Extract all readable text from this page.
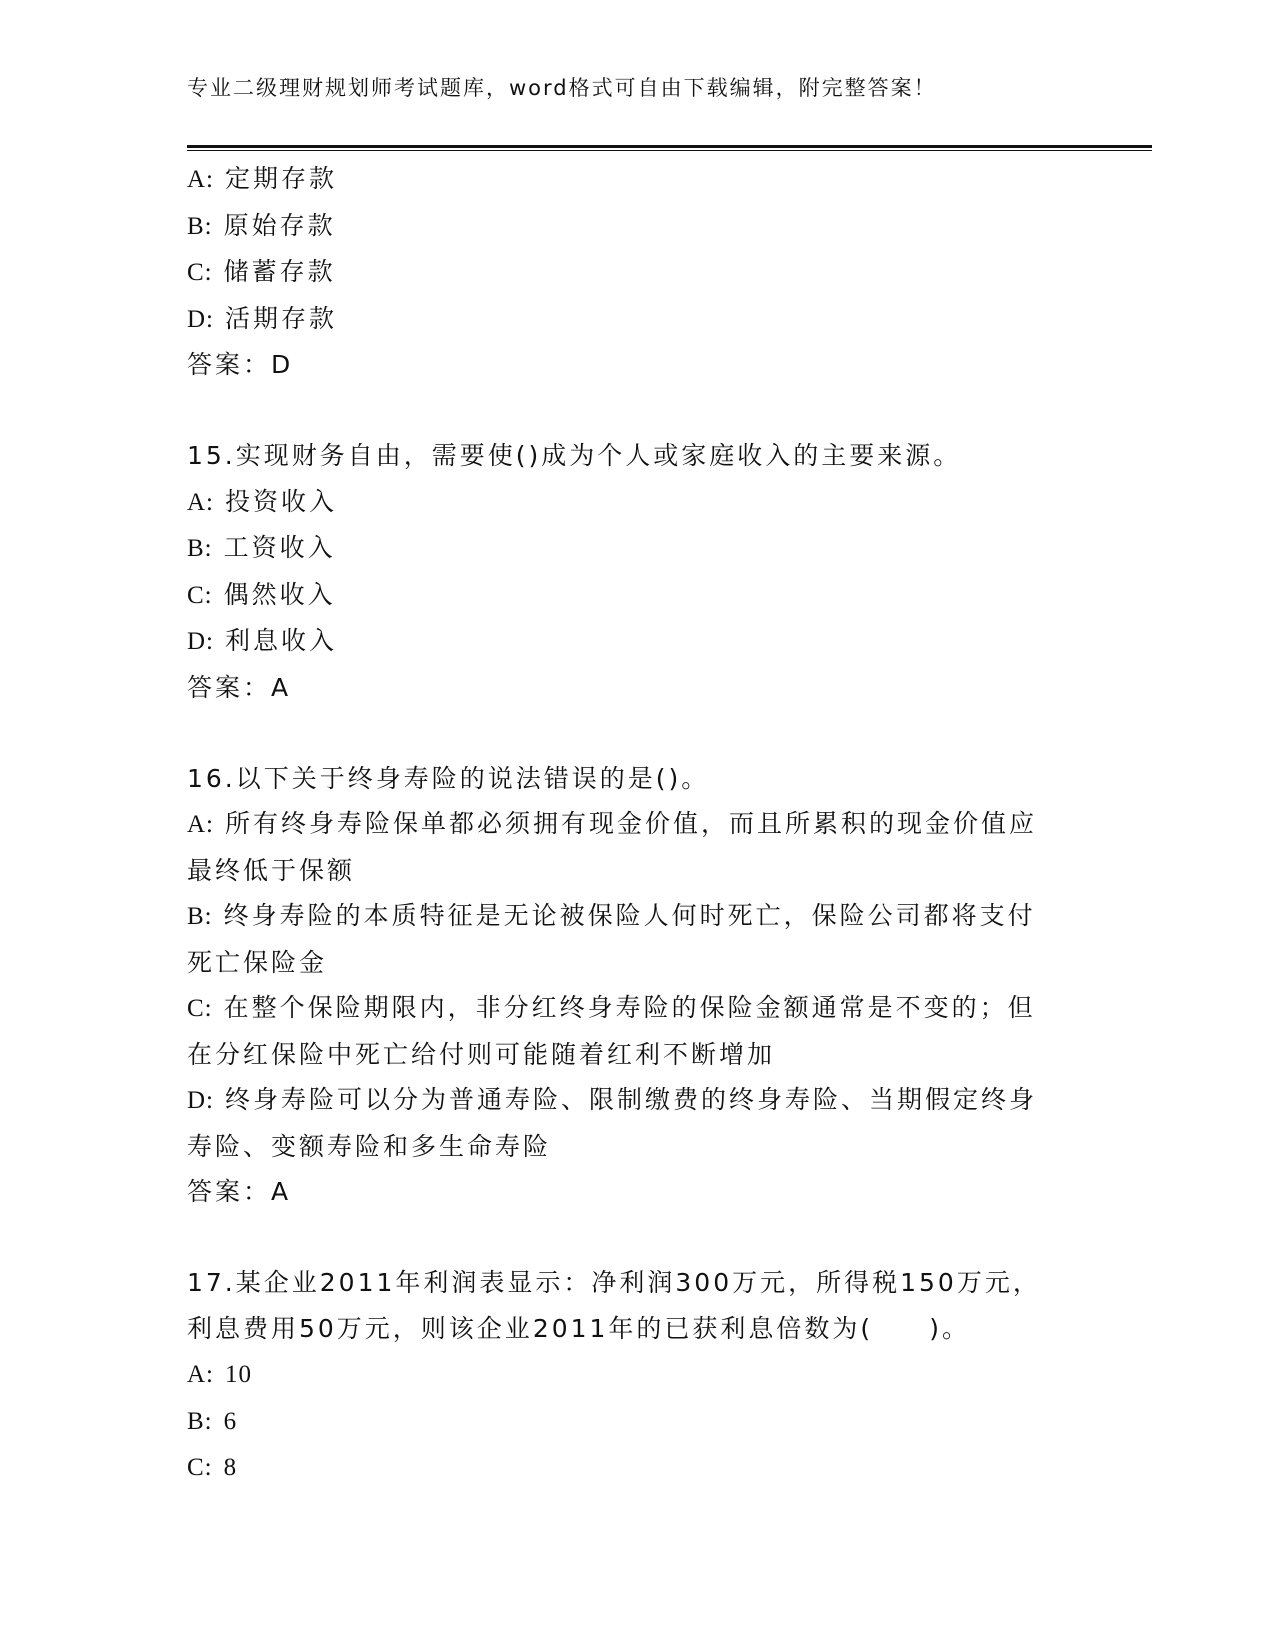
专业二级理财规划师考试题库，word格式可自由下载编辑，附完整答案！
A: 定期存款
B: 原始存款
C: 储蓄存款
D: 活期存款
答案：D
15.实现财务自由，需要使()成为个人或家庭收入的主要来源。
A: 投资收入
B: 工资收入
C: 偶然收入
D: 利息收入
答案：A
16.以下关于终身寿险的说法错误的是()。
A: 所有终身寿险保单都必须拥有现金价值，而且所累积的现金价值应
最终低于保额
B: 终身寿险的本质特征是无论被保险人何时死亡，保险公司都将支付
死亡保险金
C: 在整个保险期限内，非分红终身寿险的保险金额通常是不变的；但
在分红保险中死亡给付则可能随着红利不断增加
D: 终身寿险可以分为普通寿险、限制缴费的终身寿险、当期假定终身
寿险、变额寿险和多生命寿险
答案：A
17.某企业2011年利润表显示：净利润300万元，所得税150万元，
利息费用50万元，则该企业2011年的已获利息倍数为(　　)。
A: 10
B: 6
C: 8
